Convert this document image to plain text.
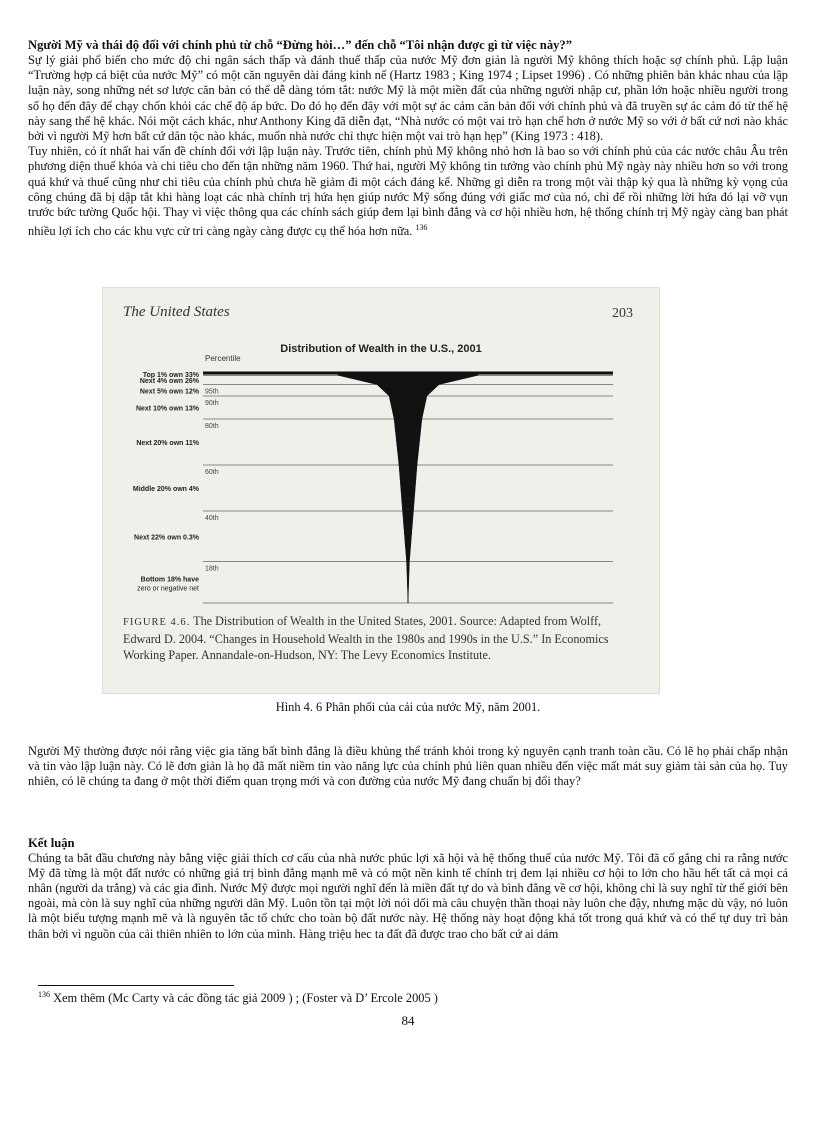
Người Mỹ và thái độ đối với chính phủ từ chỗ “Đừng hỏi…” đến chỗ “Tôi nhận được gì từ việc này?”

Sự lý giải phổ biến cho mức độ chi ngân sách thấp và đánh thuế thấp của nước Mỹ đơn giản là người Mỹ không thích hoặc sợ chính phủ. Lập luận “Trường hợp cá biệt của nước Mỹ” có một căn nguyên dài đáng kinh nể (Hartz 1983 ; King 1974 ; Lipset 1996) . Có những phiên bản khác nhau của lập luận này, song những nét sơ lược căn bản có thể dễ dàng tóm tắt: nước Mỹ là một miền đất của những người nhập cư, phần lớn hoặc nhiều người trong số họ đến đây để chạy chốn khỏi các chế độ áp bức. Do đó họ đến đây với một sự ác cảm căn bản đối với chính phủ và đã truyền sự ác cảm đó từ thế hệ này sang thế hệ khác. Nói một cách khác, như Anthony King đã diễn đạt, “Nhà nước có một vai trò hạn chế hơn ở nước Mỹ so với ở bất cứ nơi nào khác bởi vì người Mỹ hơn bất cứ dân tộc nào khác, muốn nhà nước chỉ thực hiện một vai trò hạn hẹp” (King 1973 : 418).

Tuy nhiên, có ít nhất hai vấn đề chính đối với lập luận này. Trước tiên, chính phủ Mỹ không nhỏ hơn là bao so với chính phủ của các nước châu Âu trên phương diện thuế khóa và chi tiêu cho đến tận những năm 1960. Thứ hai, người Mỹ không tin tưởng vào chính phủ Mỹ ngày này nhiều hơn so với trong quá khứ và thuế cũng như chi tiêu của chính phủ chưa hề giảm đi một cách đáng kể. Những gì diễn ra trong một vài thập kỷ qua là những kỳ vọng của công chúng đã bị dập tắt khi hàng loạt các nhà chính trị hứa hẹn giúp nước Mỹ sống đúng với giấc mơ của nó, chỉ để rồi những lời hứa đó lại vỡ vụn trước bức tường Quốc hội. Thay vì việc thông qua các chính sách giúp đem lại bình đẳng và cơ hội nhiều hơn, hệ thống chính trị Mỹ ngày càng ban phát nhiều lợi ích cho các khu vực cử tri càng ngày càng được cụ thể hóa hơn nữa. $^{136}$

The United States	203
Distribution of Wealth in the U.S., 2001
Percentile
95th
90th
80th
60th
40th
18th
Top 1% own 33%
Next 4% own 26%
Next 5% own 12%
Next 10% own 13%
Next 20% own 11%
Middle 20% own 4%
Next 22% own 0.3%
Bottom 18% have
zero or negative net
FIGURE 4.6. The Distribution of Wealth in the United States, 2001. Source: Adapted from Wolff, Edward D. 2004. “Changes in Household Wealth in the 1980s and 1990s in the U.S.” In Economics Working Paper. Annandale-on-Hudson, NY: The Levy Economics Institute.
Hình 4. 6 Phân phối của cải của nước Mỹ, năm 2001.

Người Mỹ thường được nói rằng việc gia tăng bất bình đẳng là điều khủng thể tránh khỏi trong kỷ nguyên cạnh tranh toàn cầu. Có lẽ họ phải chấp nhận và tin vào lập luận này. Có lẽ đơn giản là họ đã mất niềm tin vào năng lực của chính phủ liên quan nhiều đến việc mất mát suy giảm tài sản của họ. Tuy nhiên, có lẽ chúng ta đang ở một thời điểm quan trọng mới và con đường của nước Mỹ đang chuẩn bị đổi thay?

Kết luận

Chúng ta bắt đầu chương này bằng việc giải thích cơ cấu của nhà nước phúc lợi xã hội và hệ thống thuế của nước Mỹ. Tôi đã cố gắng chỉ ra rằng nước Mỹ đã từng là một đất nước có những giá trị bình đẳng mạnh mẽ và có một nền kinh tế chính trị đem lại nhiều cơ hội to lớn cho hầu hết tất cả mọi cá nhân (người da trắng) và các gia đình. Nước Mỹ được mọi người nghĩ đến là miền đất tự do và bình đẳng về cơ hội, không chỉ là suy nghĩ từ thế giới bên ngoài, mà còn là suy nghĩ của những người dân Mỹ. Luôn tồn tại một lời nói dối mà câu chuyện thần thoại này luôn che đậy, nhưng mặc dù vậy, nó luôn là một biểu tượng mạnh mẽ và là nguyên tắc tổ chức cho toàn bộ đất nước này. Hệ thống này hoạt động khá tốt trong quá khứ và có thể tự duy trì bản thân bởi vì nguồn của cải thiên nhiên to lớn của mình. Hàng triệu hec ta đất đã được trao cho bất cứ ai dám

$^{136}$ Xem thêm (Mc Carty và các đồng tác giả 2009 ) ; (Foster và D’ Ercole 2005 )
84
